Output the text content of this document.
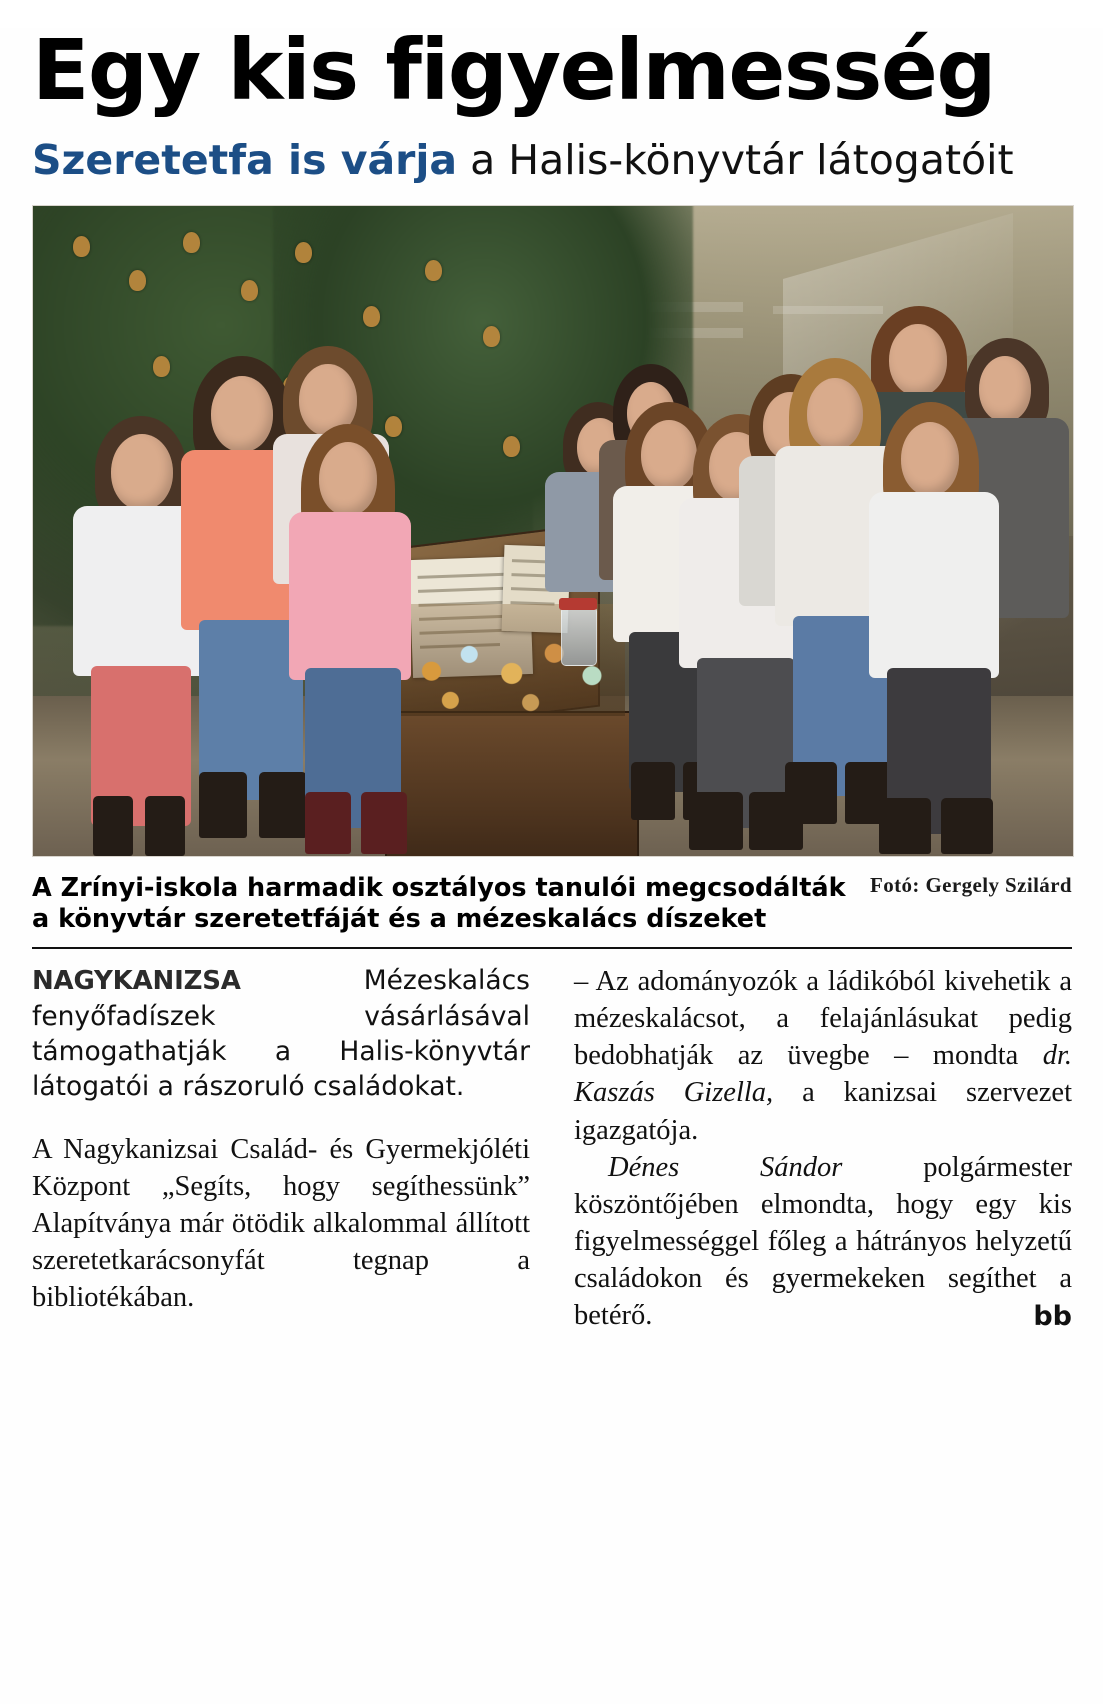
Egy kis figyelmesség
Szeretetfa is várja a Halis-könyvtár látogatóit
Fotó: Gergely Szilárd
A Zrínyi-iskola harmadik osztályos tanulói megcsodálták a könyvtár szeretetfáját és a mézeskalács díszeket

NAGYKANIZSA Mézeskalács fenyőfadíszek vásárlásával támogathatják a Halis-könyvtár látogatói a rászoruló családokat.

A Nagykanizsai Család- és Gyermekjóléti Központ „Segíts, hogy segíthessünk” Alapítványa már ötödik alkalommal állított szeretetkarácsonyfát tegnap a bibliotékában.

– Az adományozók a ládikóból kivehetik a mézeskalácsot, a felajánlásukat pedig bedobhatják az üvegbe – mondta dr. Kaszás Gizella, a kanizsai szervezet igazgatója.

Dénes Sándor polgármester köszöntőjében elmondta, hogy egy kis figyelmességgel főleg a hátrányos helyzetű családokon és gyermekeken segíthet a betérő.	bb
